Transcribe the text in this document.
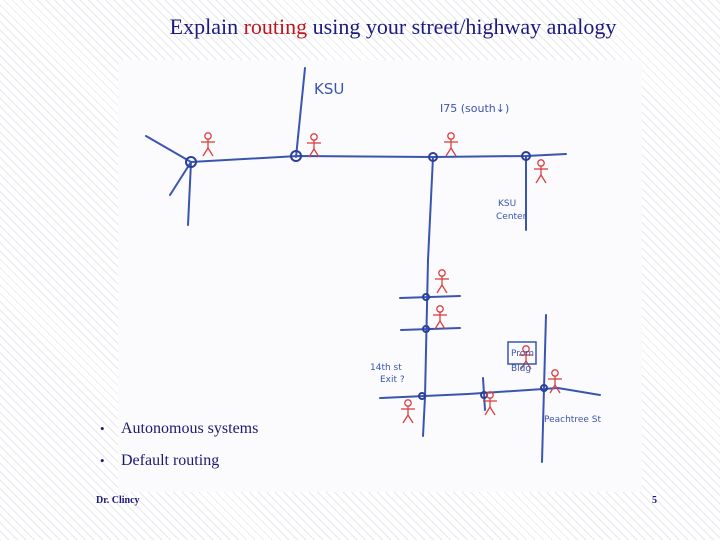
Explain routing using your street/highway analogy
KSU
I75 (south↓)
KSU
Center
Prom
Bldg
14th st
Exit ?
Peachtree St
• Autonomous systems
• Default routing
Dr. Clincy	5
